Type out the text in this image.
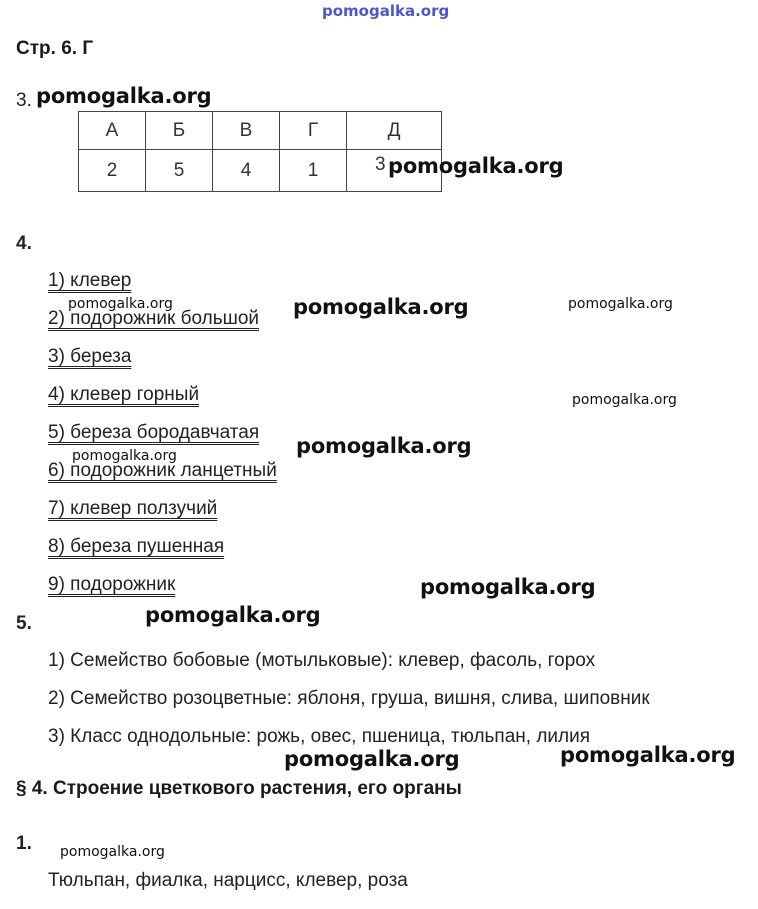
pomogalka.org
Стр. 6. Г
3. pomogalka.org
А	Б	В	Г	Д
2	5	4	1	3 pomogalka.org
4.
1) клевер
pomogalka.org
2) подорожник большой pomogalka.org	pomogalka.org
3) береза
4) клевер горный	pomogalka.org
5) береза бородавчатая
pomogalka.org
pomogalka.org
6) подорожник ланцетный
7) клевер ползучий
8) береза пушенная
9) подорожник	pomogalka.org
pomogalka.org
5.
1) Семейство бобовые (мотыльковые): клевер, фасоль, горох
2) Семейство розоцветные: яблоня, груша, вишня, слива, шиповник
3) Класс однодольные: рожь, овес, пшеница, тюльпан, лилия
pomogalka.org	pomogalka.org
§ 4. Строение цветкового растения, его органы
1. pomogalka.org
Тюльпан, фиалка, нарцисс, клевер, роза
